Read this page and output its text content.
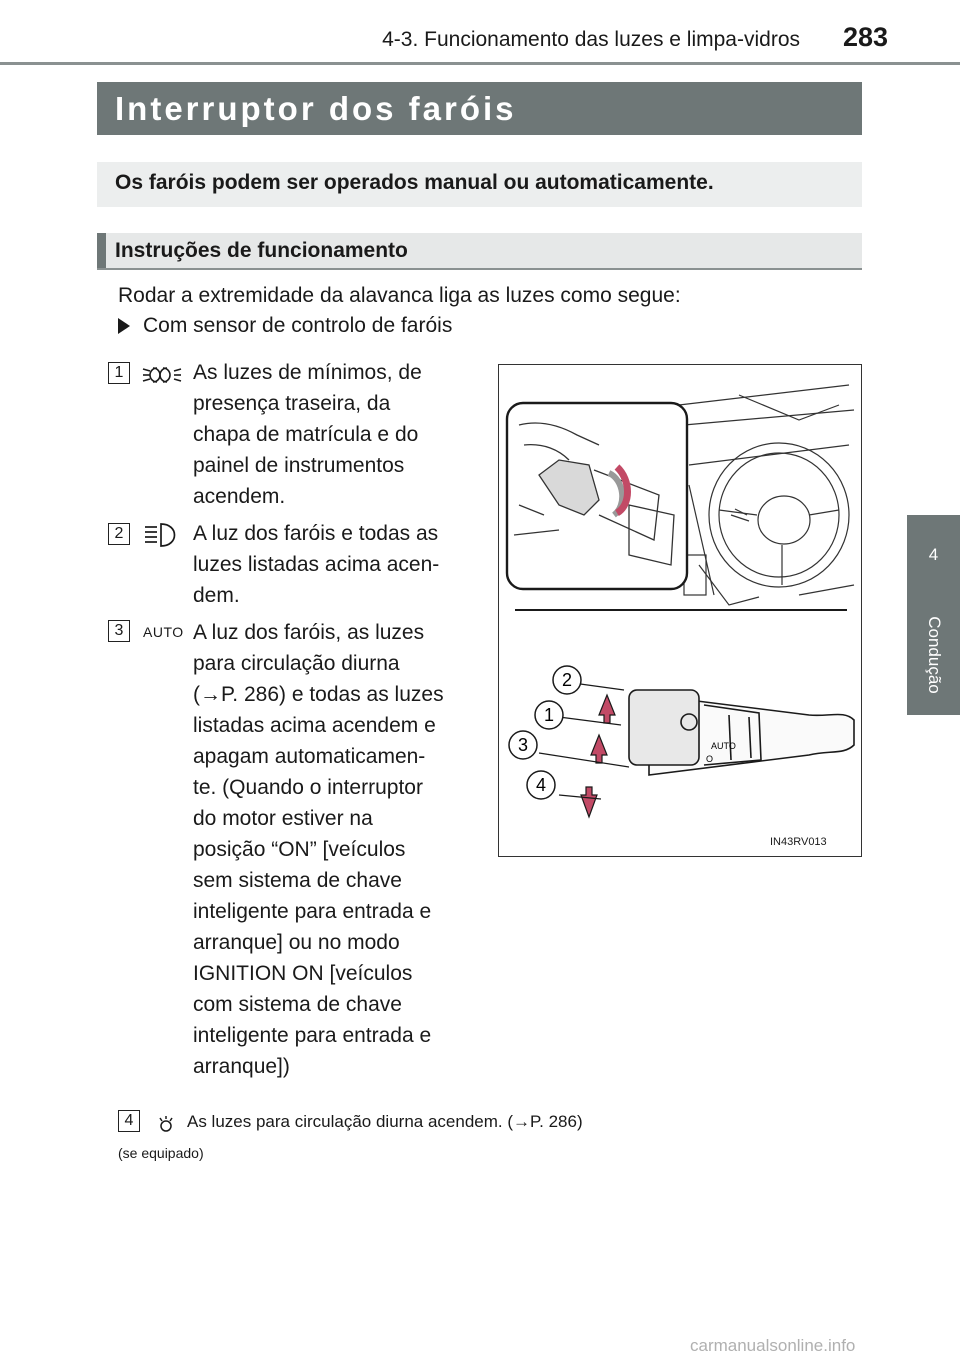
4-3. Funcionamento das luzes e limpa-vidros	283
4
Condução
Interruptor dos faróis
Os faróis podem ser operados manual ou automaticamente.
Instruções de funcionamento
Rodar a extremidade da alavanca liga as luzes como segue:
Com sensor de controlo de faróis
1	As luzes de mínimos, de
presença traseira, da
chapa de matrícula e do
painel de instrumentos
acendem.
2	A luz dos faróis e todas as
luzes listadas acima acen-
dem.
3	AUTO A luz dos faróis, as luzes
para circulação diurna
(→P. 286) e todas as luzes
listadas acima acendem e
apagam automaticamen-
te. (Quando o interruptor
do motor estiver na
posição “ON” [veículos
sem sistema de chave
inteligente para entrada e
arranque] ou no modo
IGNITION ON [veículos
com sistema de chave
inteligente para entrada e
arranque])
4	As luzes para circulação diurna acendem. (→P. 286)
(se equipado)
AUTO
O
2
1
3
4
IN43RV013
carmanualsonline.info
